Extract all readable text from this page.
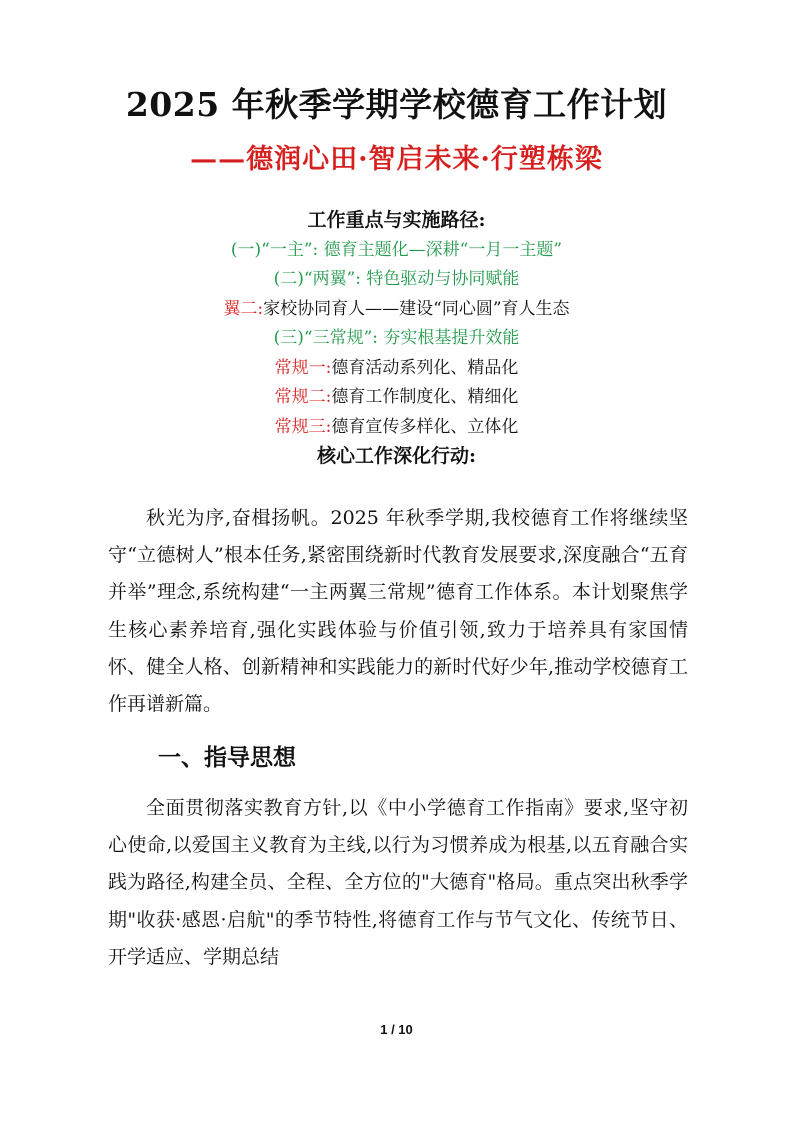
2025 年秋季学期学校德育工作计划
——德润心田·智启未来·行塑栋梁
工作重点与实施路径:
(一)“一主”: 德育主题化—深耕“一月一主题”
(二)“两翼”: 特色驱动与协同赋能
翼二:家校协同育人——建设“同心圆”育人生态
(三)“三常规”: 夯实根基提升效能
常规一:德育活动系列化、精品化
常规二:德育工作制度化、精细化
常规三:德育宣传多样化、立体化
核心工作深化行动:

秋光为序,奋楫扬帆。2025 年秋季学期,我校德育工作将继续坚守“立德树人”根本任务,紧密围绕新时代教育发展要求,深度融合“五育并举”理念,系统构建“一主两翼三常规”德育工作体系。本计划聚焦学生核心素养培育,强化实践体验与价值引领,致力于培养具有家国情怀、健全人格、创新精神和实践能力的新时代好少年,推动学校德育工作再谱新篇。

一、指导思想

全面贯彻落实教育方针,以《中小学德育工作指南》要求,坚守初心使命,以爱国主义教育为主线,以行为习惯养成为根基,以五育融合实践为路径,构建全员、全程、全方位的"大德育"格局。重点突出秋季学期"收获·感恩·启航"的季节特性,将德育工作与节气文化、传统节日、开学适应、学期总结

1 / 10
